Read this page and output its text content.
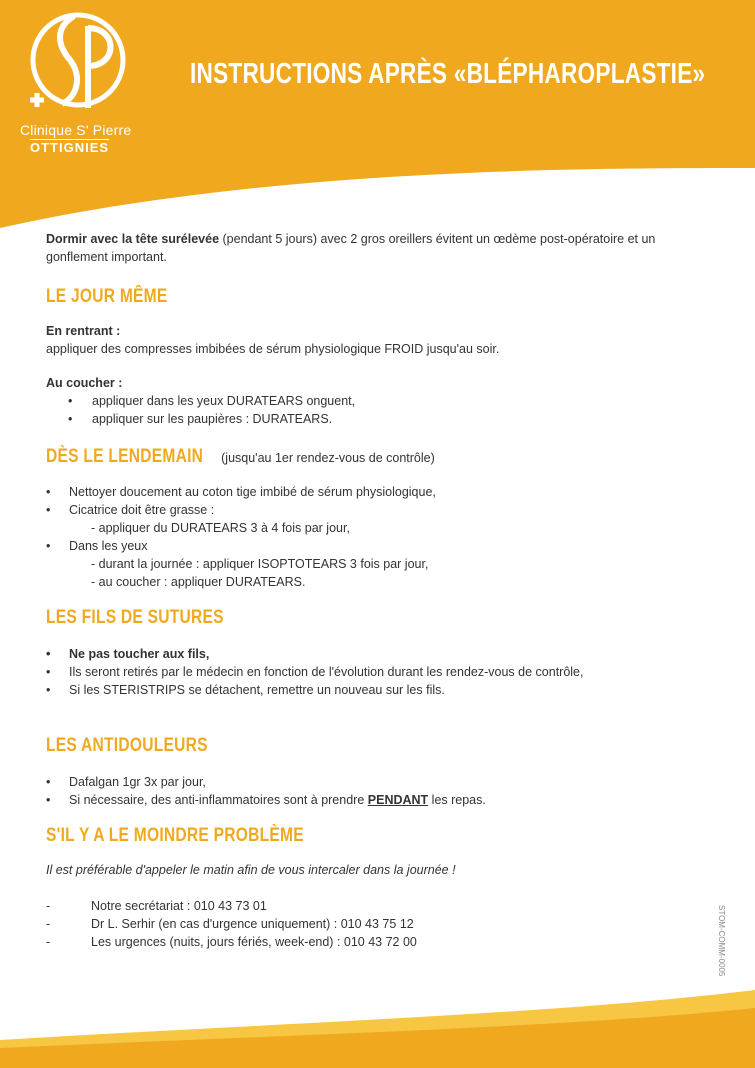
Clinique S' Pierre
OTTIGNIES
INSTRUCTIONS APRÈS «BLÉPHAROPLASTIE»

Dormir avec la tête surélevée (pendant 5 jours) avec 2 gros oreillers évitent un œdème post-opératoire et un gonflement important.

LE JOUR MÊME

En rentrant :

appliquer des compresses imbibées de sérum physiologique FROID jusqu'au soir.

Au coucher :

• appliquer dans les yeux DURATEARS onguent,

• appliquer sur les paupières : DURATEARS.

DÈS LE LENDEMAIN (jusqu'au 1er rendez-vous de contrôle)

• Nettoyer doucement au coton tige imbibé de sérum physiologique,

• Cicatrice doit être grasse :

- appliquer du DURATEARS 3 à 4 fois par jour,

• Dans les yeux

- durant la journée : appliquer ISOPTOTEARS 3 fois par jour,

- au coucher : appliquer DURATEARS.

LES FILS DE SUTURES

• Ne pas toucher aux fils,

• Ils seront retirés par le médecin en fonction de l'évolution durant les rendez-vous de contrôle,

• Si les STERISTRIPS se détachent, remettre un nouveau sur les fils.

LES ANTIDOULEURS

• Dafalgan 1gr 3x par jour,

• Si nécessaire, des anti-inflammatoires sont à prendre PENDANT les repas.

S'IL Y A LE MOINDRE PROBLÈME

Il est préférable d'appeler le matin afin de vous intercaler dans la journée !

- Notre secrétariat : 010 43 73 01

- Dr L. Serhir (en cas d'urgence uniquement) : 010 43 75 12

- Les urgences (nuits, jours fériés, week-end) : 010 43 72 00	STOM-COMM-0005
